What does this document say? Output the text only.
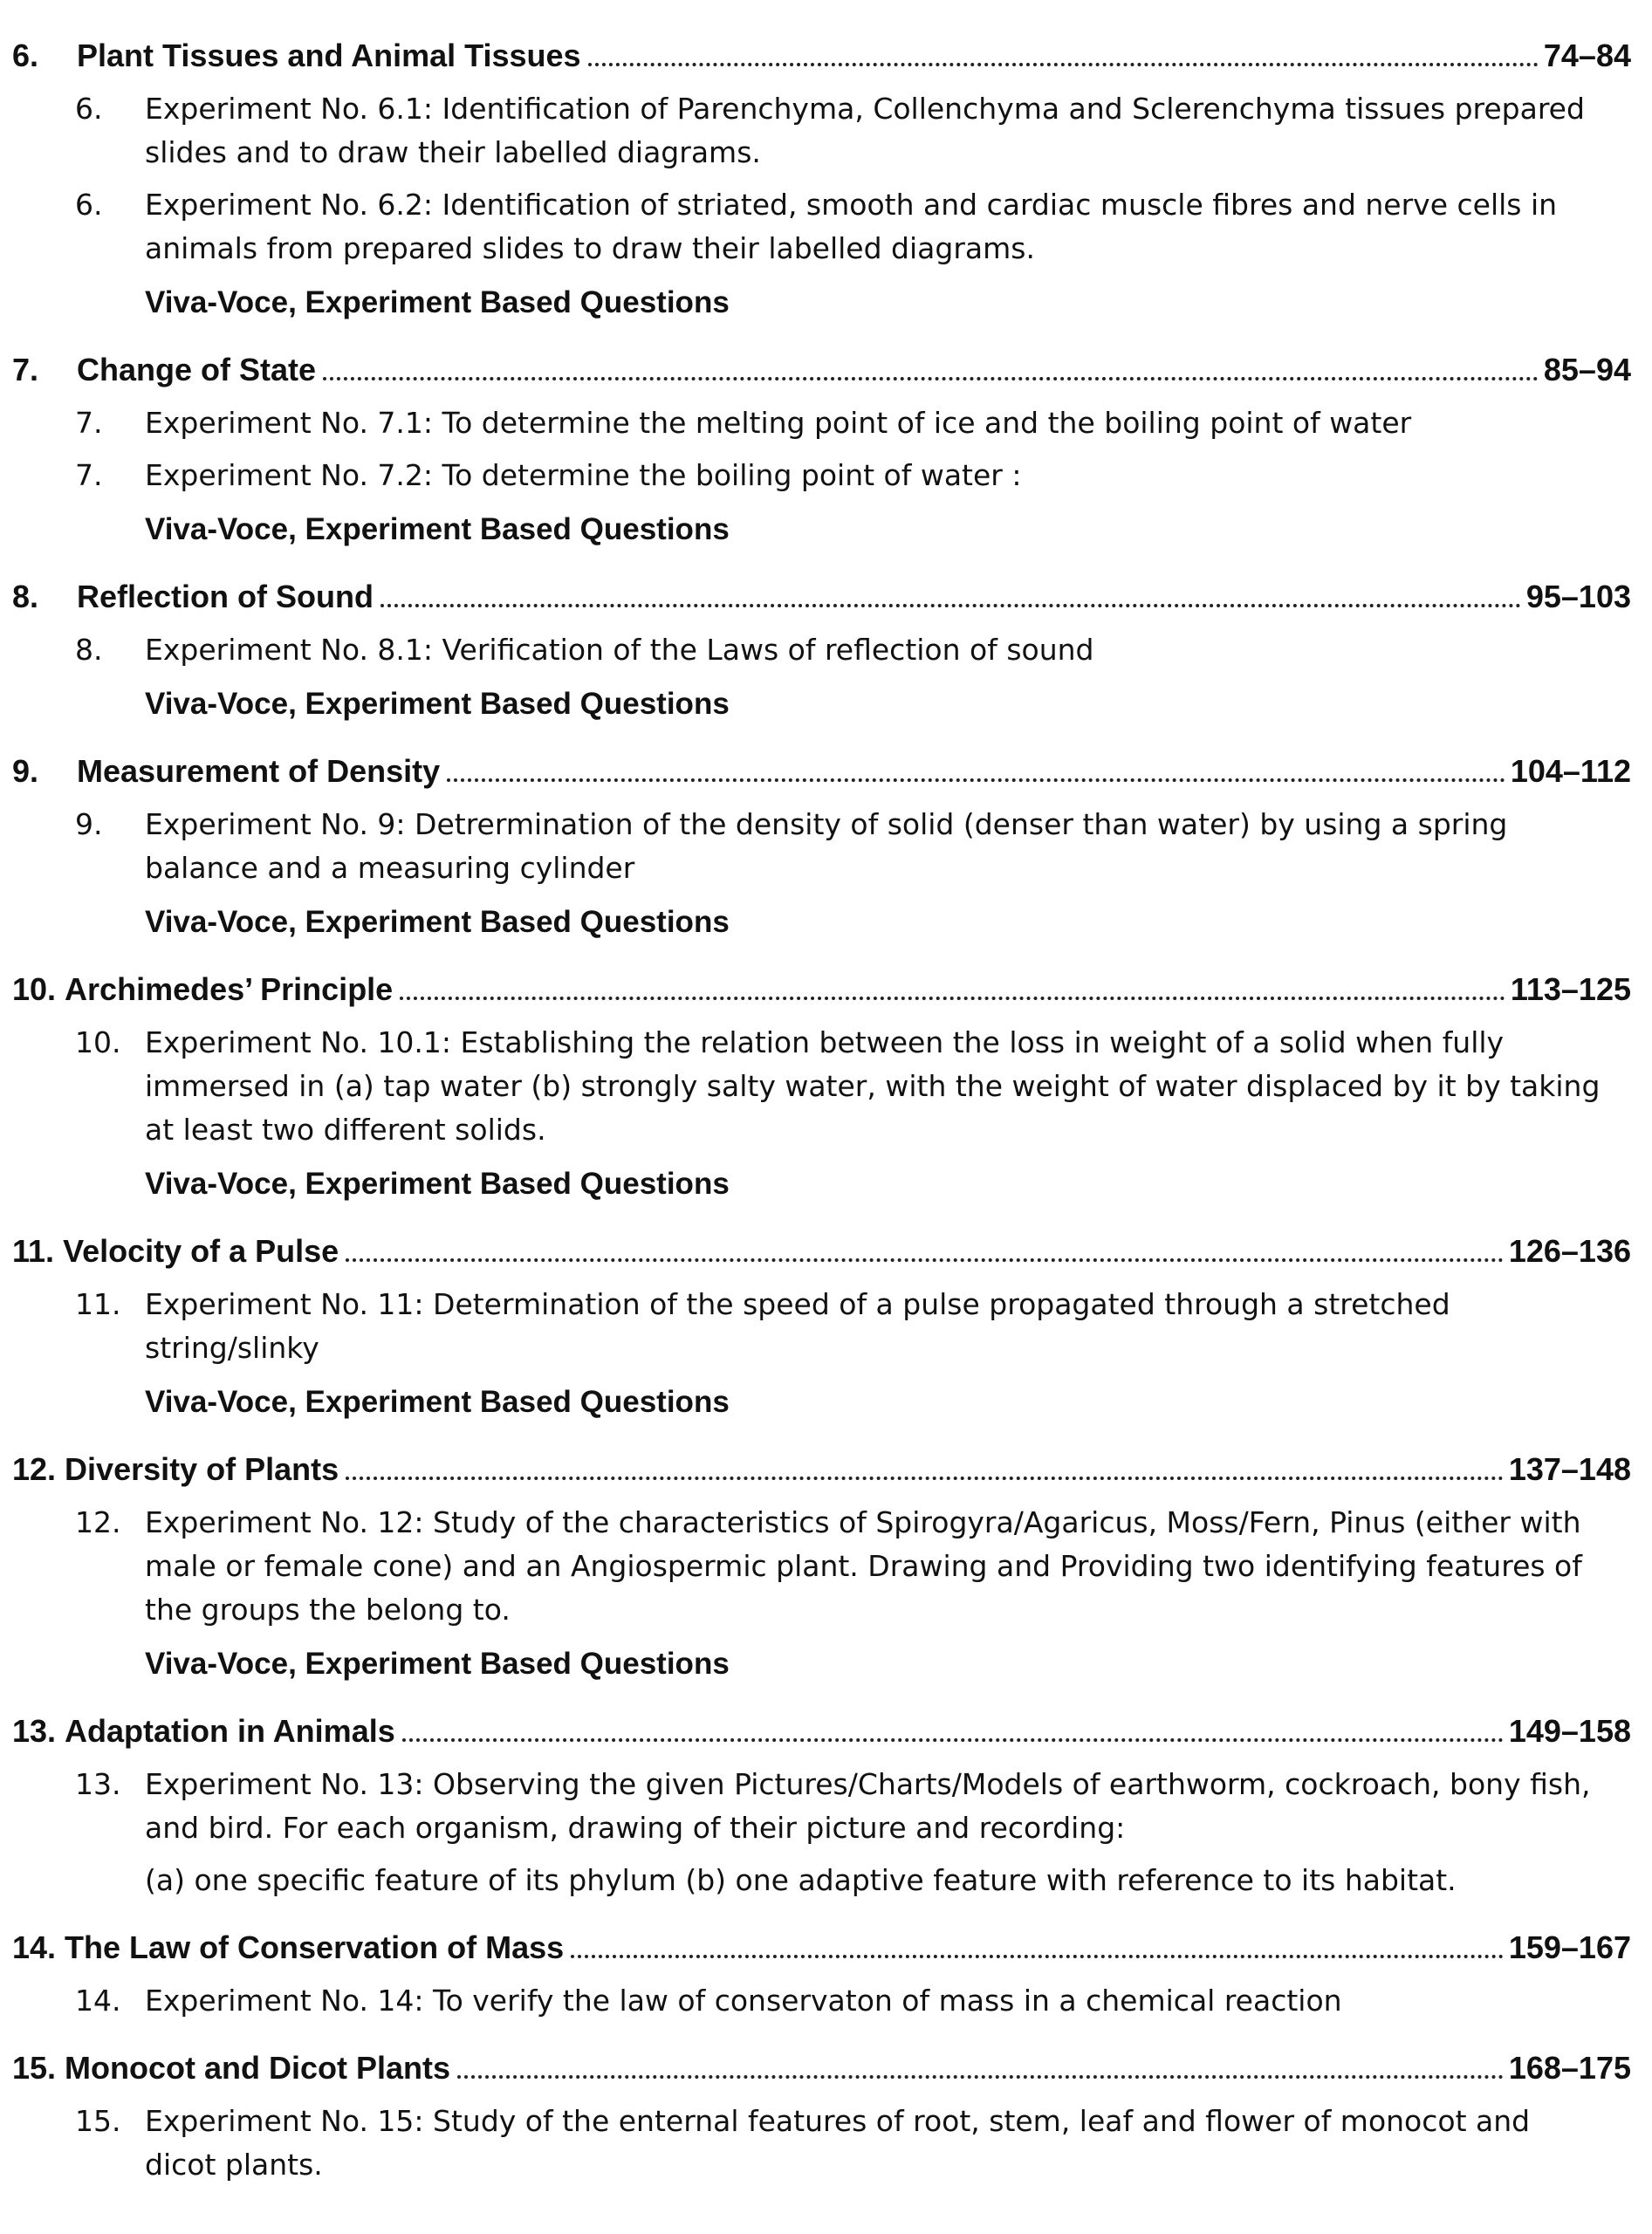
6.	Plant Tissues and Animal Tissues	74–84
6.	Experiment No. 6.1: Identification of Parenchyma, Collenchyma and Sclerenchyma tissues prepared slides and to draw their labelled diagrams.
6.	Experiment No. 6.2: Identification of striated, smooth and cardiac muscle fibres and nerve cells in animals from prepared slides to draw their labelled diagrams.
Viva-Voce, Experiment Based Questions
7.	Change of State	85–94
7.	Experiment No. 7.1: To determine the melting point of ice and the boiling point of water
7.	Experiment No. 7.2: To determine the boiling point of water :
Viva-Voce, Experiment Based Questions
8.	Reflection of Sound	95–103
8.	Experiment No. 8.1: Verification of the Laws of reflection of sound
Viva-Voce, Experiment Based Questions
9.	Measurement of Density	104–112
9.	Experiment No. 9: Detrermination of the density of solid (denser than water) by using a spring balance and a measuring cylinder
Viva-Voce, Experiment Based Questions
10. Archimedes’ Principle	113–125
10. Experiment No. 10.1: Establishing the relation between the loss in weight of a solid when fully immersed in (a) tap water (b) strongly salty water, with the weight of water displaced by it by taking at least two different solids.
Viva-Voce, Experiment Based Questions
11. Velocity of a Pulse	126–136
11. Experiment No. 11: Determination of the speed of a pulse propagated through a stretched string/slinky
Viva-Voce, Experiment Based Questions
12. Diversity of Plants	137–148
12. Experiment No. 12: Study of the characteristics of Spirogyra/Agaricus, Moss/Fern, Pinus (either with male or female cone) and an Angiospermic plant. Drawing and Providing two identifying features of the groups the belong to.
Viva-Voce, Experiment Based Questions
13. Adaptation in Animals	149–158
13. Experiment No. 13: Observing the given Pictures/Charts/Models of earthworm, cockroach, bony fish, and bird. For each organism, drawing of their picture and recording:
(a) one specific feature of its phylum (b) one adaptive feature with reference to its habitat.
14. The Law of Conservation of Mass	159–167
14. Experiment No. 14: To verify the law of conservaton of mass in a chemical reaction
15. Monocot and Dicot Plants	168–175
15. Experiment No. 15: Study of the enternal features of root, stem, leaf and flower of monocot and dicot plants.
